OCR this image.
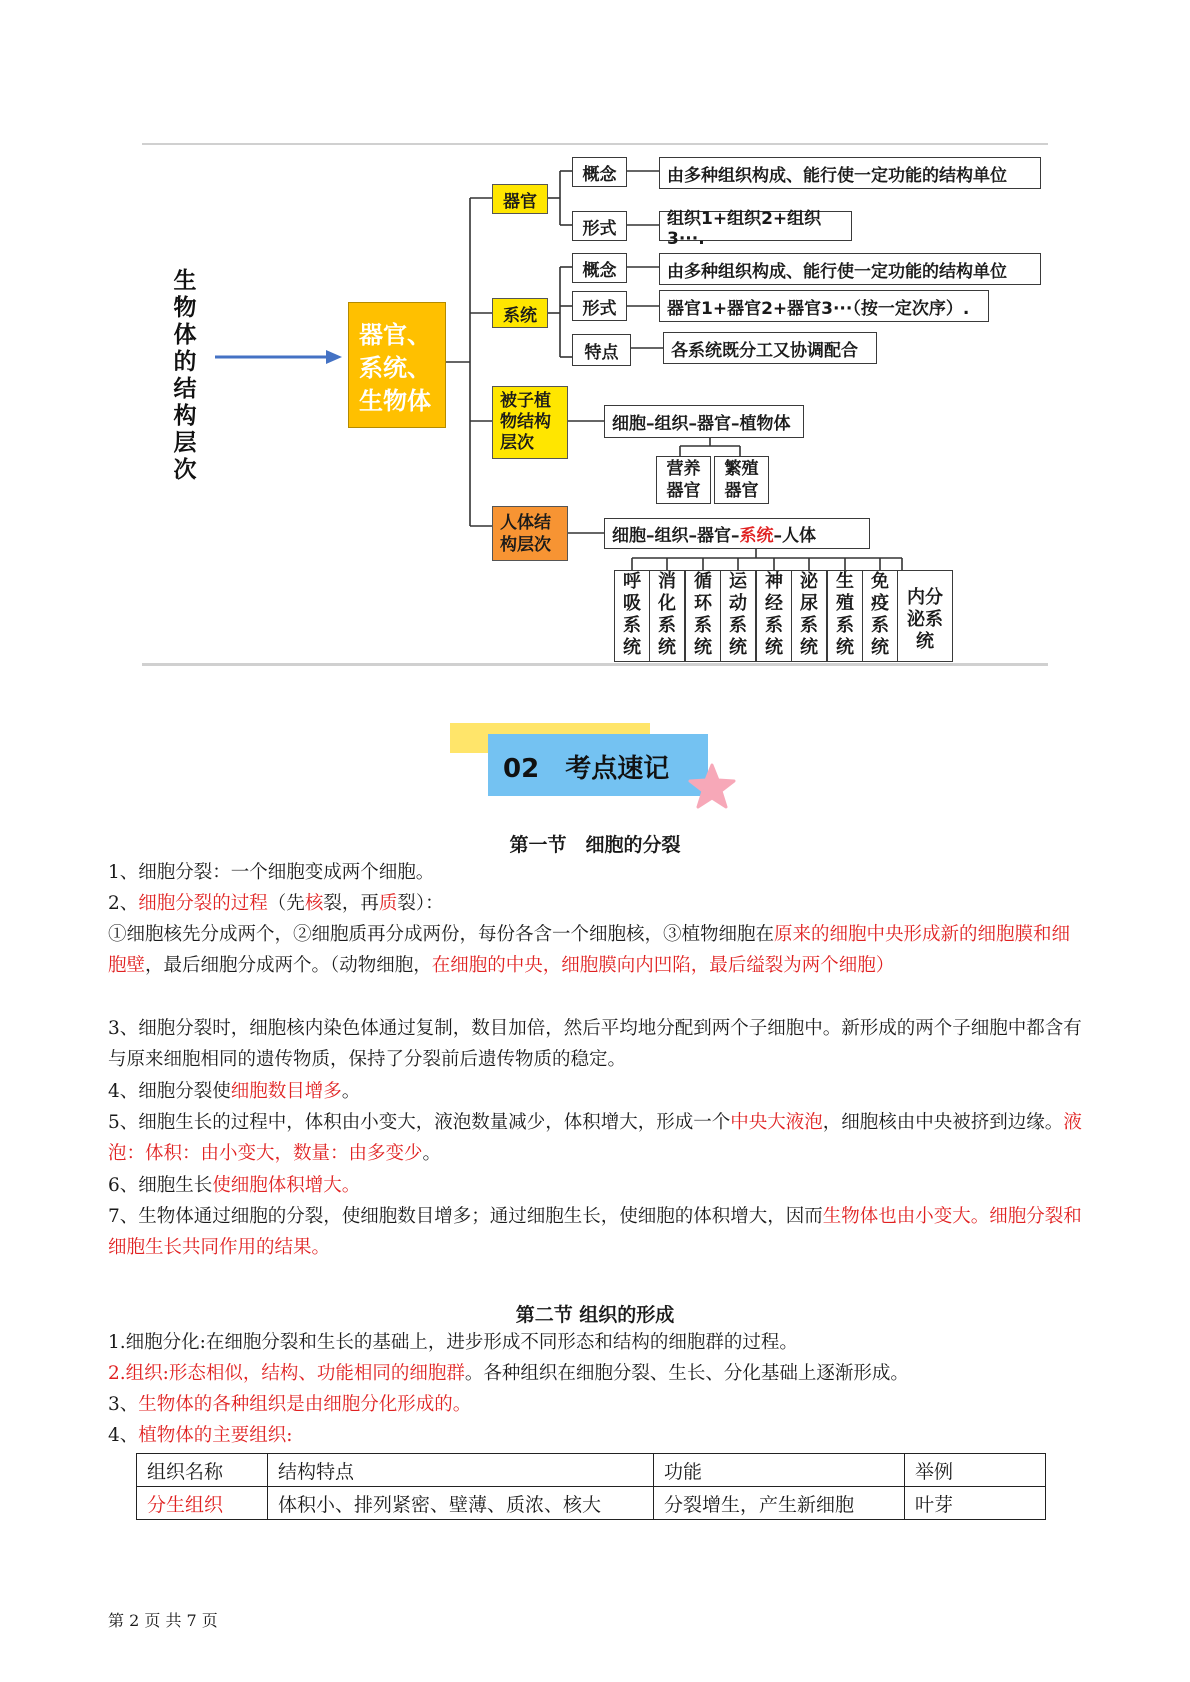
生
物
体
的
结
构
层
次
器官、系统、生物体
器官
概念	由多种组织构成、能行使一定功能的结构单位
形式	组织1+组织2+组织3···.
系统
概念	由多种组织构成、能行使一定功能的结构单位
形式	器官1+器官2+器官3···（按一定次序）.
特点	各系统既分工又协调配合
被子植物结构层次
细胞–组织–器官–植物体
营养器官
繁殖器官
人体结构层次	细胞–组织–器官– 系统 –人体
呼
吸
系
统
消
化
系
统
循
环
系
统
运
动
系
统
神
经
系
统
泌
尿
系
统
生
殖
系
统
免
疫
系
统
内分泌系统
02　 考点速记
第一节　细胞的分裂
1、细胞分裂：一个细胞变成两个细胞。
2、细胞分裂的过程（先核裂，再质裂）：
①细胞核先分成两个，②细胞质再分成两份，每份各含一个细胞核，③植物细胞在原来的细胞中央形成新的细胞膜和细胞壁，最后细胞分成两个。（动物细胞，在细胞的中央，细胞膜向内凹陷，最后缢裂为两个细胞）
3、细胞分裂时，细胞核内染色体通过复制，数目加倍，然后平均地分配到两个子细胞中。新形成的两个子细胞中都含有与原来细胞相同的遗传物质，保持了分裂前后遗传物质的稳定。
4、细胞分裂使细胞数目增多。
5、细胞生长的过程中，体积由小变大，液泡数量减少，体积增大，形成一个中央大液泡，细胞核由中央被挤到边缘。液泡：体积：由小变大，数量：由多变少。
6、细胞生长使细胞体积增大。
7、生物体通过细胞的分裂，使细胞数目增多；通过细胞生长，使细胞的体积增大，因而生物体也由小变大。细胞分裂和细胞生长共同作用的结果。
第二节 组织的形成
1.细胞分化:在细胞分裂和生长的基础上，进步形成不同形态和结构的细胞群的过程。
2.组织:形态相似，结构、功能相同的细胞群。各种组织在细胞分裂、生长、分化基础上逐渐形成。
3、生物体的各种组织是由细胞分化形成的。
4、植物体的主要组织:
组织名称	结构特点	功能	举例
分生组织	体积小、排列紧密、壁薄、质浓、核大	分裂增生，产生新细胞	叶芽
第 2 页 共 7 页
